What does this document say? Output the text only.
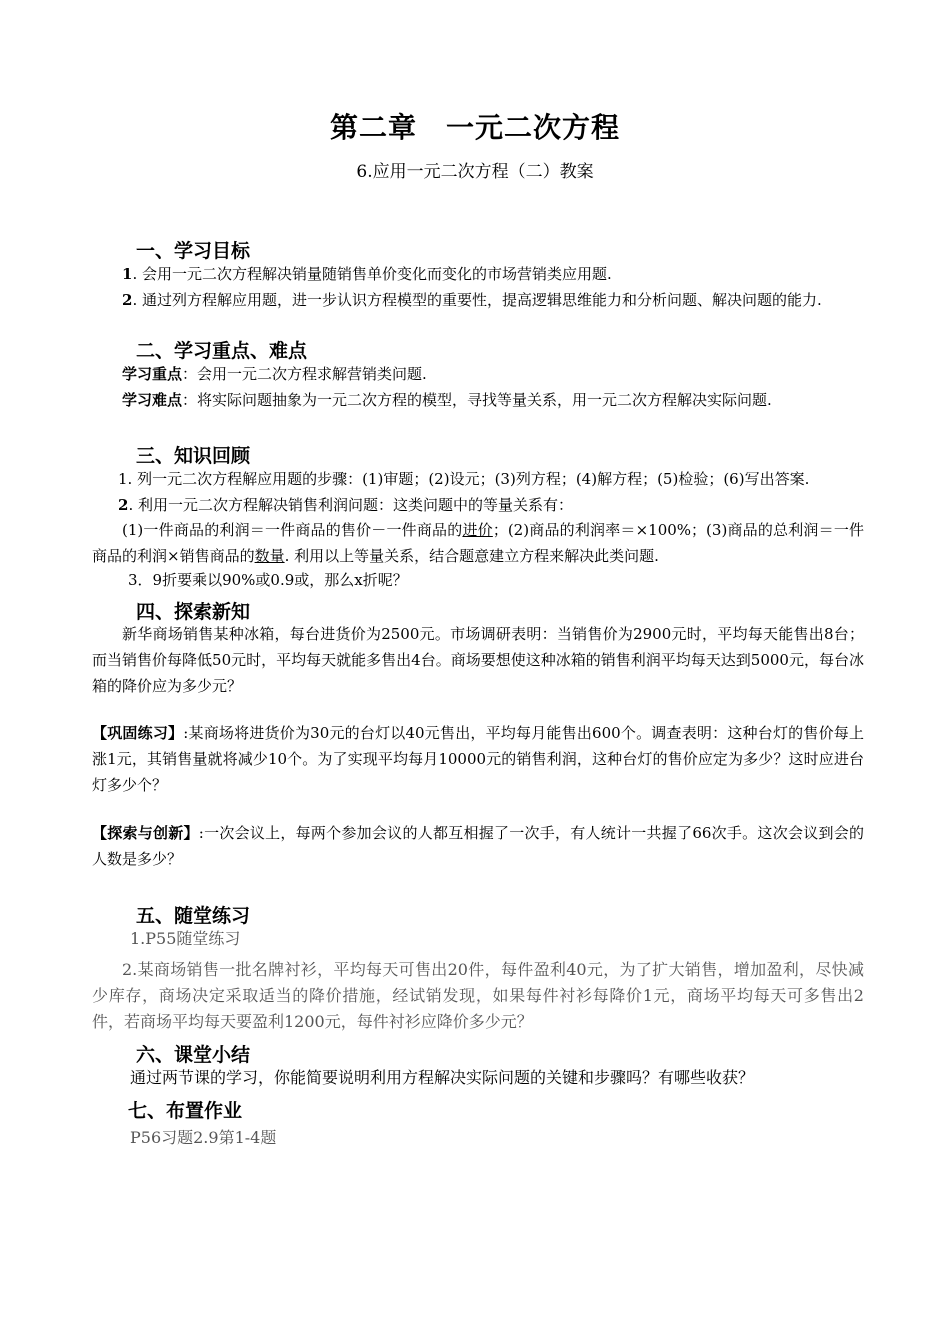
第二章　一元二次方程
6.应用一元二次方程（二）教案
一、学习目标
1. 会用一元二次方程解决销量随销售单价变化而变化的市场营销类应用题.
2. 通过列方程解应用题，进一步认识方程模型的重要性，提高逻辑思维能力和分析问题、解决问题的能力.
二、学习重点、难点
学习重点：会用一元二次方程求解营销类问题.
学习难点：将实际问题抽象为一元二次方程的模型，寻找等量关系，用一元二次方程解决实际问题.
三、知识回顾
1. 列一元二次方程解应用题的步骤：(1)审题；(2)设元；(3)列方程；(4)解方程；(5)检验；(6)写出答案.
2. 利用一元二次方程解决销售利润问题：这类问题中的等量关系有：
(1)一件商品的利润＝一件商品的售价－一件商品的进价；(2)商品的利润率＝×100%；(3)商品的总利润＝一件商品的利润×销售商品的数量. 利用以上等量关系，结合题意建立方程来解决此类问题.
3．9折要乘以90%或0.9或，那么x折呢？
四、探索新知
新华商场销售某种冰箱，每台进货价为2500元。市场调研表明：当销售价为2900元时，平均每天能售出8台；而当销售价每降低50元时，平均每天就能多售出4台。商场要想使这种冰箱的销售利润平均每天达到5000元，每台冰箱的降价应为多少元？
【巩固练习】:某商场将进货价为30元的台灯以40元售出，平均每月能售出600个。调查表明：这种台灯的售价每上涨1元，其销售量就将减少10个。为了实现平均每月10000元的销售利润，这种台灯的售价应定为多少？这时应进台灯多少个？
【探索与创新】:一次会议上，每两个参加会议的人都互相握了一次手，有人统计一共握了66次手。这次会议到会的人数是多少？
五、随堂练习
1.P55随堂练习
2.某商场销售一批名牌衬衫，平均每天可售出20件，每件盈利40元，为了扩大销售，增加盈利，尽快减少库存，商场决定采取适当的降价措施，经试销发现，如果每件衬衫每降价1元，商场平均每天可多售出2件，若商场平均每天要盈利1200元，每件衬衫应降价多少元？
六、课堂小结
通过两节课的学习，你能简要说明利用方程解决实际问题的关键和步骤吗？有哪些收获？
七、布置作业
P56习题2.9第1-4题
